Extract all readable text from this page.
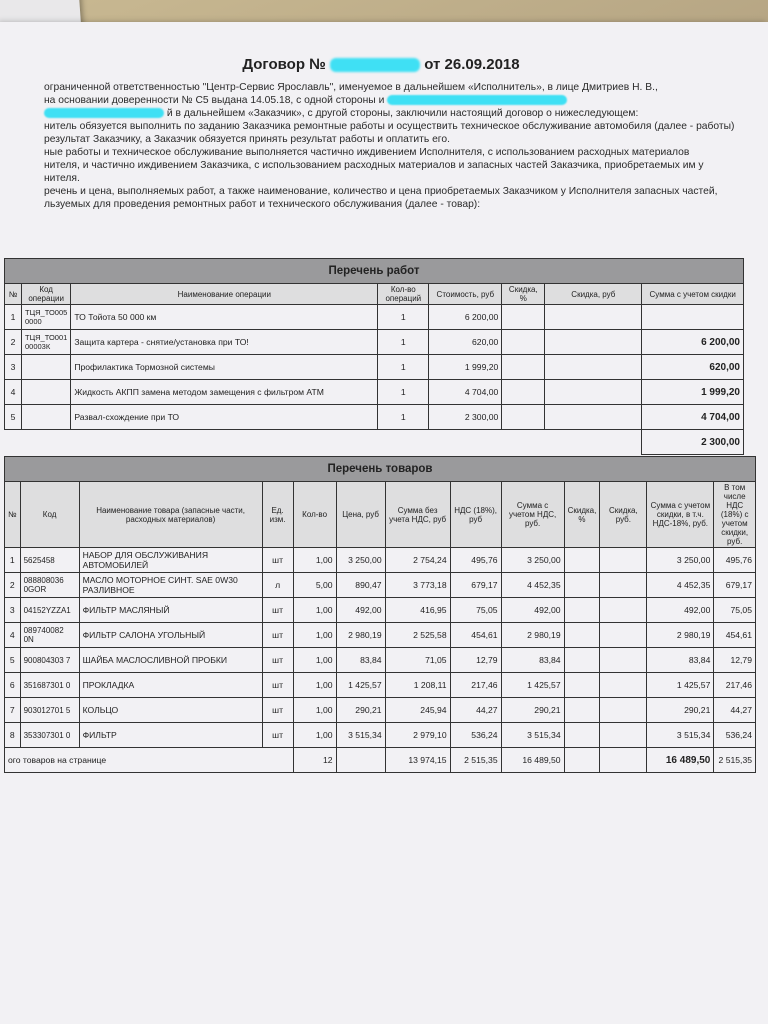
Договор №	от 26.09.2018

ограниченной ответственностью "Центр-Сервис Ярославль", именуемое в дальнейшем «Исполнитель», в лице Дмитриев Н. В.,

на основании доверенности № C5 выдана 14.05.18, с одной стороны и

й в дальнейшем «Заказчик», с другой стороны, заключили настоящий договор о нижеследующем:

нитель обязуется выполнить по заданию Заказчика ремонтные работы и осуществить техническое обслуживание автомобиля (далее - работы)

результат Заказчику, а Заказчик обязуется принять результат работы и оплатить его.

ные работы и техническое обслуживание выполняется частично иждивением Исполнителя, с использованием расходных материалов

нителя, и частично иждивением Заказчика, с использованием расходных материалов и запасных частей Заказчика, приобретаемых им у

нителя.

речень и цена, выполняемых работ, а также наименование, количество и цена приобретаемых Заказчиком у Исполнителя запасных частей,

льзуемых для проведения ремонтных работ и технического обслуживания (далее - товар):

Перечень работ							
№	Код операции	Наименование операции	Кол-во операций	Стоимость, руб	Скидка, %	Скидка, руб	Сумма с учетом скидки
1	ТЦЯ_ТО005 0000	ТО Тойота 50 000 км	1	6 200,00			
2	ТЦЯ_ТО001 00003К	Защита картера - снятие/установка при ТО!	1	620,00			6 200,00
3		Профилактика Тормозной системы	1	1 999,20			620,00
4		Жидкость АКПП замена методом замещения с фильтром ATM	1	4 704,00			1 999,20
5		Развал-схождение при ТО	1	2 300,00			4 704,00
							2 300,00
Перечень товаров												
№	Код	Наименование товара (запасные части, расходных материалов)	Ед. изм.	Кол-во	Цена, руб	Сумма без учета НДС, руб	НДС (18%), руб	Сумма с учетом НДС, руб.	Скидка, %	Скидка, руб.	Сумма с учетом скидки, в т.ч. НДС-18%, руб.	В том числе НДС (18%) с учетом скидки, руб.
1	5625458	НАБОР ДЛЯ ОБСЛУЖИВАНИЯ АВТОМОБИЛЕЙ	шт	1,00	3 250,00	2 754,24	495,76	3 250,00			3 250,00	495,76
2	088808036 0GOR	МАСЛО МОТОРНОЕ СИНТ. SAE 0W30 РАЗЛИВНОЕ	л	5,00	890,47	3 773,18	679,17	4 452,35			4 452,35	679,17
3	04152YZZA1	ФИЛЬТР МАСЛЯНЫЙ	шт	1,00	492,00	416,95	75,05	492,00			492,00	75,05
4	089740082 0N	ФИЛЬТР САЛОНА УГОЛЬНЫЙ	шт	1,00	2 980,19	2 525,58	454,61	2 980,19			2 980,19	454,61
5	900804303 7	ШАЙБА МАСЛОСЛИВНОЙ ПРОБКИ	шт	1,00	83,84	71,05	12,79	83,84			83,84	12,79
6	351687301 0	ПРОКЛАДКА	шт	1,00	1 425,57	1 208,11	217,46	1 425,57			1 425,57	217,46
7	903012701 5	КОЛЬЦО	шт	1,00	290,21	245,94	44,27	290,21			290,21	44,27
8	353307301 0	ФИЛЬТР	шт	1,00	3 515,34	2 979,10	536,24	3 515,34			3 515,34	536,24
ого товаров на странице				12		13 974,15	2 515,35	16 489,50			16 489,50	2 515,35
